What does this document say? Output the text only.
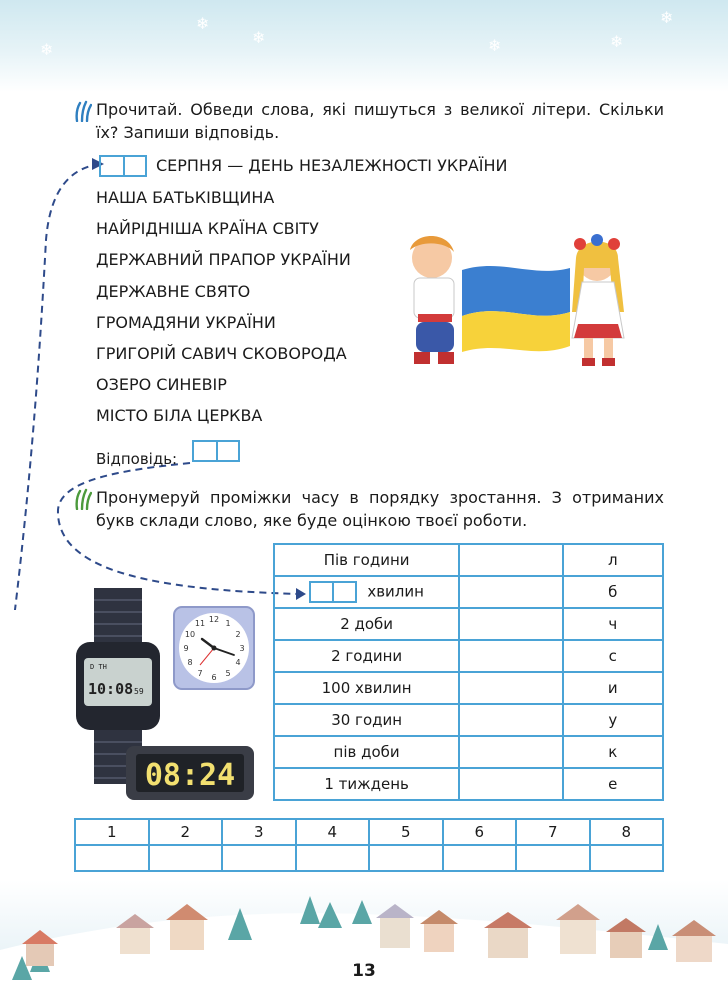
❄
❄	❄	❄
❄
❄
Прочитай. Обведи слова, які пишуться з великої літери. Скільки їх? Запиши відповідь.
СЕРПНЯ — ДЕНЬ НЕЗАЛЕЖНОСТІ УКРАЇНИ
НАША БАТЬКІВЩИНА
НАЙРІДНІША КРАЇНА СВІТУ
ДЕРЖАВНИЙ ПРАПОР УКРАЇНИ
ДЕРЖАВНЕ СВЯТО
ГРОМАДЯНИ УКРАЇНИ
ГРИГОРІЙ САВИЧ СКОВОРОДА
ОЗЕРО СИНЕВІР
МІСТО БІЛА ЦЕРКВА
Відповідь:
Пронумеруй проміжки часу в порядку зростання. З отриманих букв склади слово, яке буде оцінкою твоєї роботи.
Пів години		л

хвилин		б
2 доби		ч
2 години		с
100 хвилин		и
30 годин		у
пів доби		к
1 тиждень		е
12 1
2
3
4
5
6
7
8
9
10
11
D TH
10:08 59
08:24
1	2	3	4	5	6	7	8

13
